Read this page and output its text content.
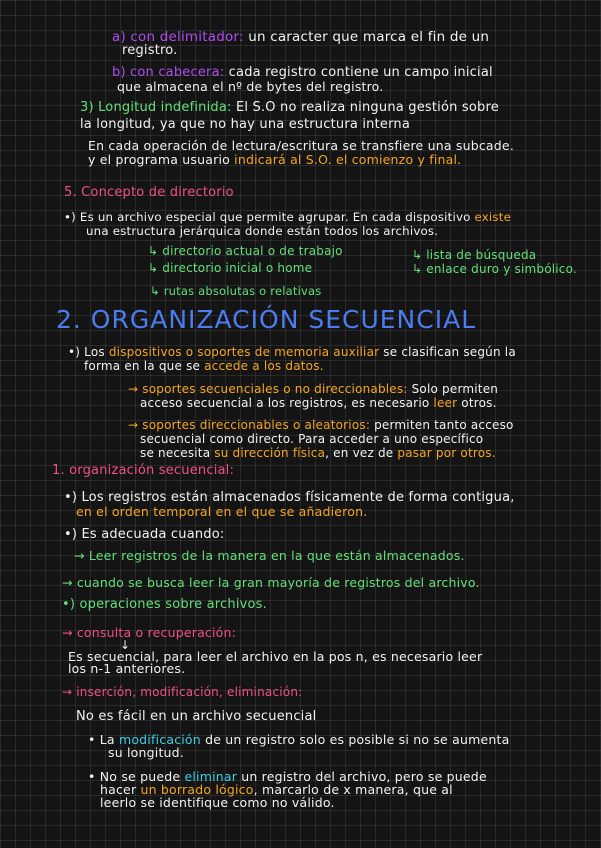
a) con delimitador: un caracter que marca el fin de un
registro.
b) con cabecera: cada registro contiene un campo inicial
que almacena el nº de bytes del registro.
3) Longitud indefinida: El S.O no realiza ninguna gestión sobre
la longitud, ya que no hay una estructura interna
En cada operación de lectura/escritura se transfiere una subcade.
y el programa usuario indicará al S.O. el comienzo y final.
5. Concepto de directorio
•) Es un archivo especial que permite agrupar. En cada dispositivo existe
una estructura jerárquica donde están todos los archivos.
↳ directorio actual o de trabajo
↳ directorio inicial o home
↳ rutas absolutas o relativas
↳ lista de búsqueda
↳ enlace duro y simbólico.
2. ORGANIZACIÓN SECUENCIAL
•) Los dispositivos o soportes de memoria auxiliar se clasifican según la
forma en la que se accede a los datos.
→ soportes secuenciales o no direccionables: Solo permiten
acceso secuencial a los registros, es necesario leer otros.
→ soportes direccionables o aleatorios: permiten tanto acceso
secuencial como directo. Para acceder a uno específico
se necesita su dirección física, en vez de pasar por otros.
1. organización secuencial:
•) Los registros están almacenados físicamente de forma contigua,
en el orden temporal en el que se añadieron.
•) Es adecuada cuando:
→ Leer registros de la manera en la que están almacenados.
→ cuando se busca leer la gran mayoría de registros del archivo.
•) operaciones sobre archivos.
→ consulta o recuperación:
↓
Es secuencial, para leer el archivo en la pos n, es necesario leer
los n-1 anteriores.
→ inserción, modificación, eliminación:
No es fácil en un archivo secuencial
• La modificación de un registro solo es posible si no se aumenta
su longitud.
• No se puede eliminar un registro del archivo, pero se puede
hacer un borrado lógico, marcarlo de x manera, que al
leerlo se identifique como no válido.
